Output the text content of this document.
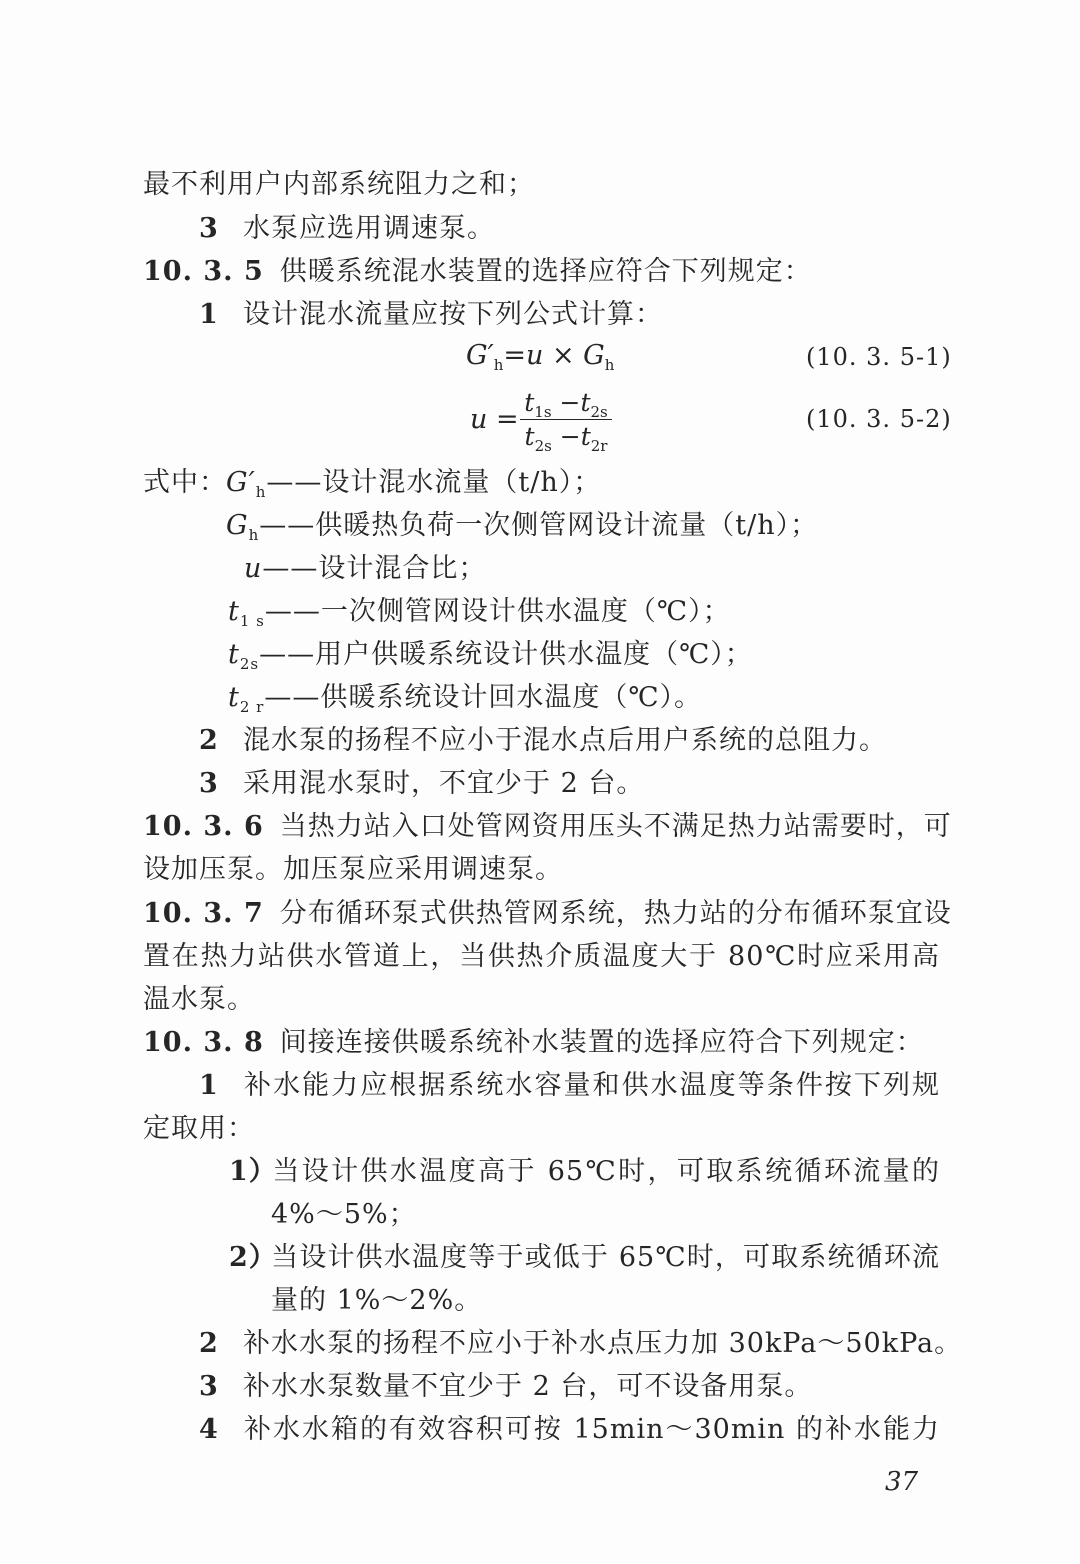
最不利用户内部系统阻力之和；
3 水泵应选用调速泵。
10. 3. 5 供暖系统混水装置的选择应符合下列规定：
1 设计混水流量应按下列公式计算：
$G'_h=u \times G_h$	(10. 3. 5-1)
u =
$t_{1s} -t_{2s}$
$t_{2s} -t_{2r}$
(10. 3. 5-2)
式中： $G'_h——$设计混水流量（t/h）；
$G_h——$供暖热负荷一次侧管网设计流量（t/h）；
u——设计混合比；
$t_{1 s}——$一次侧管网设计供水温度（℃）；
$t_{2s}——$用户供暖系统设计供水温度（℃）；
$t_{2 r}——$供暖系统设计回水温度（℃）。
2 混水泵的扬程不应小于混水点后用户系统的总阻力。
3 采用混水泵时，不宜少于 2 台。
10. 3. 6 当热力站入口处管网资用压头不满足热力站需要时，可
设加压泵。加压泵应采用调速泵。
10. 3. 7 分布循环泵式供热管网系统，热力站的分布循环泵宜设
置在热力站供水管道上，当供热介质温度大于 80℃时应采用高
温水泵。
10. 3. 8 间接连接供暖系统补水装置的选择应符合下列规定：
1 补水能力应根据系统水容量和供水温度等条件按下列规
定取用：
1）当设计供水温度高于 65℃时，可取系统循环流量的
4%～5%；
2）当设计供水温度等于或低于 65℃时，可取系统循环流
量的 1%～2%。
2 补水水泵的扬程不应小于补水点压力加 30kPa～50kPa。
3 补水水泵数量不宜少于 2 台，可不设备用泵。
4 补水水箱的有效容积可按 15min～30min 的补水能力
37
